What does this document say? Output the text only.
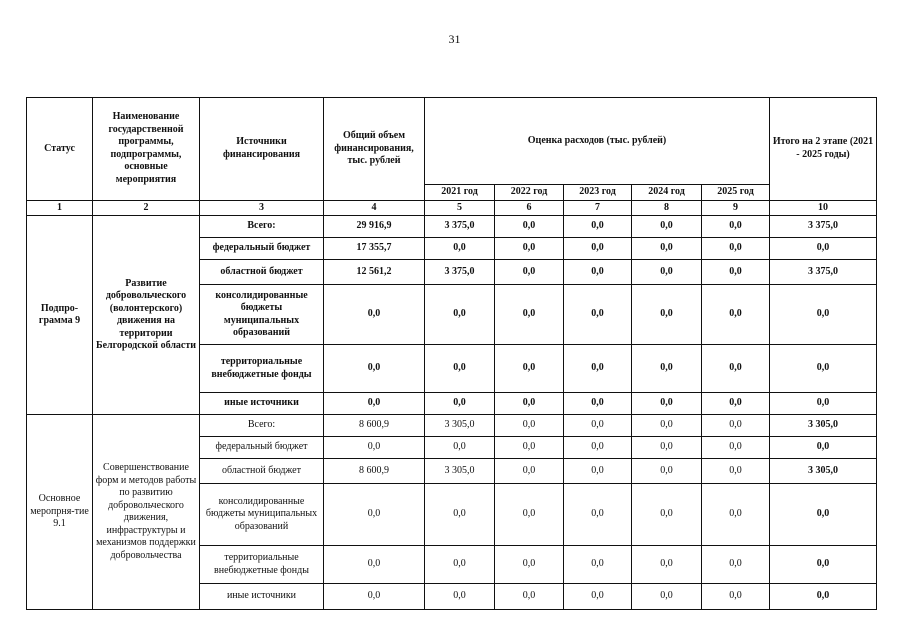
31
Статус	Наименование государственной программы, подпрограммы, основные мероприятия	Источники финансирования	Общий объем финансирования, тыс. рублей	Оценка расходов (тыс. рублей)					Итого на 2 этапе (2021 - 2025 годы)
				2021 год	2022 год	2023 год	2024 год	2025 год	
1	2	3	4	5	6	7	8	9	10
Подпро-грамма 9	Развитие добровольческого (волонтерского) движения на территории Белгородской области	Всего:	29 916,9	3 375,0	0,0	0,0	0,0	0,0	3 375,0
		федеральный бюджет	17 355,7	0,0	0,0	0,0	0,0	0,0	0,0
		областной бюджет	12 561,2	3 375,0	0,0	0,0	0,0	0,0	3 375,0
		консолидированные бюджеты муниципальных образований	0,0	0,0	0,0	0,0	0,0	0,0	0,0
		территориальные внебюджетные фонды	0,0	0,0	0,0	0,0	0,0	0,0	0,0
		иные источники	0,0	0,0	0,0	0,0	0,0	0,0	0,0
Основное меропрня-тие 9.1	Совершенствование форм и методов работы по развитию добровольческого движения, инфраструктуры и механизмов поддержки добровольчества	Всего:	8 600,9	3 305,0	0,0	0,0	0,0	0,0	3 305,0
		федеральный бюджет	0,0	0,0	0,0	0,0	0,0	0,0	0,0
		областной бюджет	8 600,9	3 305,0	0,0	0,0	0,0	0,0	3 305,0
		консолидированные бюджеты муниципальных образований	0,0	0,0	0,0	0,0	0,0	0,0	0,0
		территориальные внебюджетные фонды	0,0	0,0	0,0	0,0	0,0	0,0	0,0
		иные источники	0,0	0,0	0,0	0,0	0,0	0,0	0,0
